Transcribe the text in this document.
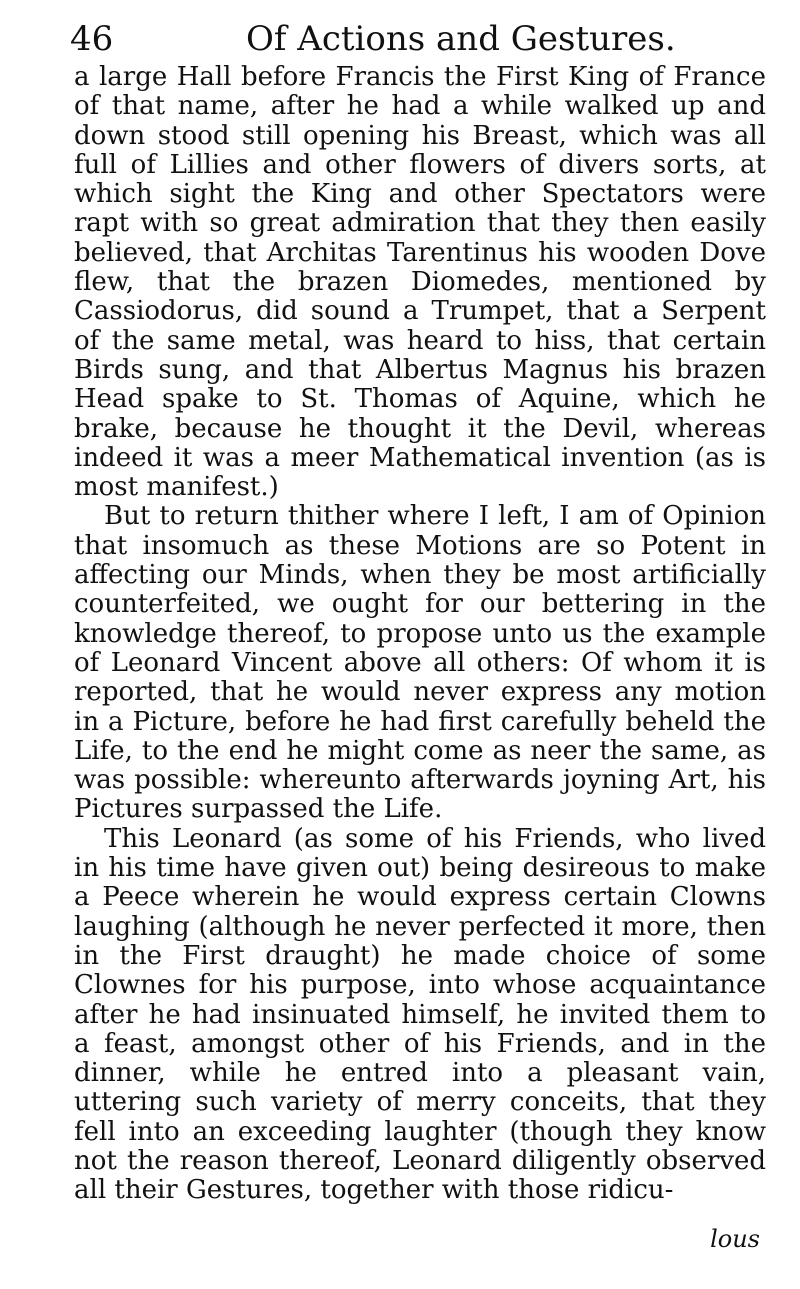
46	Of Actions and Gestures.

a large Hall before Francis the First King of France of that name, after he had a while walked up and down stood still opening his Breast, which was all full of Lillies and other flowers of divers sorts, at which sight the King and other Spectators were rapt with so great admiration that they then easily believed, that Architas Tarentinus his wooden Dove flew, that the brazen Diomedes, mentioned by Cassiodorus, did sound a Trumpet, that a Serpent of the same metal, was heard to hiss, that certain Birds sung, and that Albertus Magnus his brazen Head spake to St. Thomas of Aquine, which he brake, because he thought it the Devil, whereas indeed it was a meer Mathematical invention (as is most manifest.)

But to return thither where I left, I am of Opinion that insomuch as these Motions are so Potent in affecting our Minds, when they be most artificially counterfeited, we ought for our bettering in the knowledge thereof, to propose unto us the example of Leonard Vincent above all others: Of whom it is reported, that he would never express any motion in a Picture, before he had first carefully beheld the Life, to the end he might come as neer the same, as was possible: whereunto afterwards joyning Art, his Pictures surpassed the Life.

This Leonard (as some of his Friends, who lived in his time have given out) being desireous to make a Peece wherein he would express certain Clowns laughing (although he never perfected it more, then in the First draught) he made choice of some Clownes for his purpose, into whose acquaintance after he had insinuated himself, he invited them to a feast, amongst other of his Friends, and in the dinner, while he entred into a pleasant vain, uttering such variety of merry conceits, that they fell into an exceeding laughter (though they know not the reason thereof, Leonard diligently observed all their Gestures, together with those ridicu-

lous
